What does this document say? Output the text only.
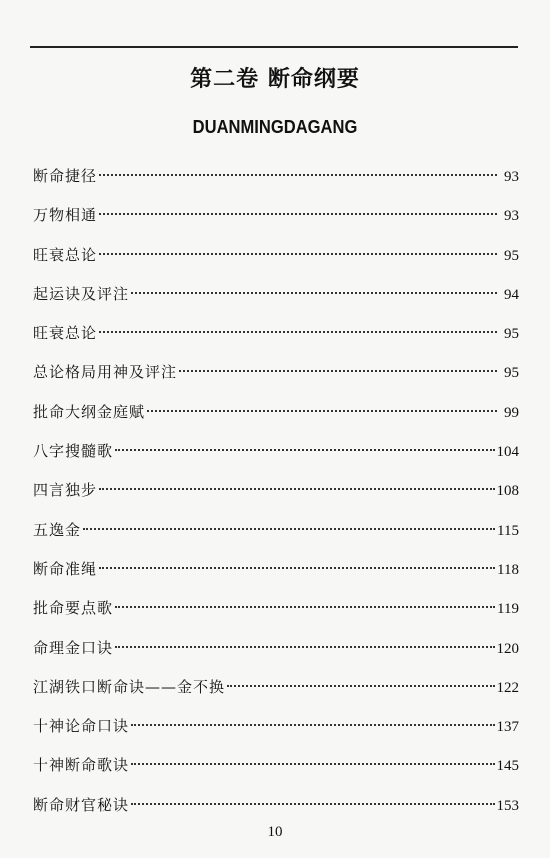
第二卷 断命纲要
DUANMINGDAGANG
断命捷径	93
万物相通	93
旺衰总论	95
起运诀及评注	94
旺衰总论	95
总论格局用神及评注	95
批命大纲金庭赋	99
八字搜髓歌	104
四言独步	108
五逸金	115
断命准绳	118
批命要点歌	119
命理金口诀	120
江湖铁口断命诀——金不换	122
十神论命口诀	137
十神断命歌诀	145
断命财官秘诀	153
10
